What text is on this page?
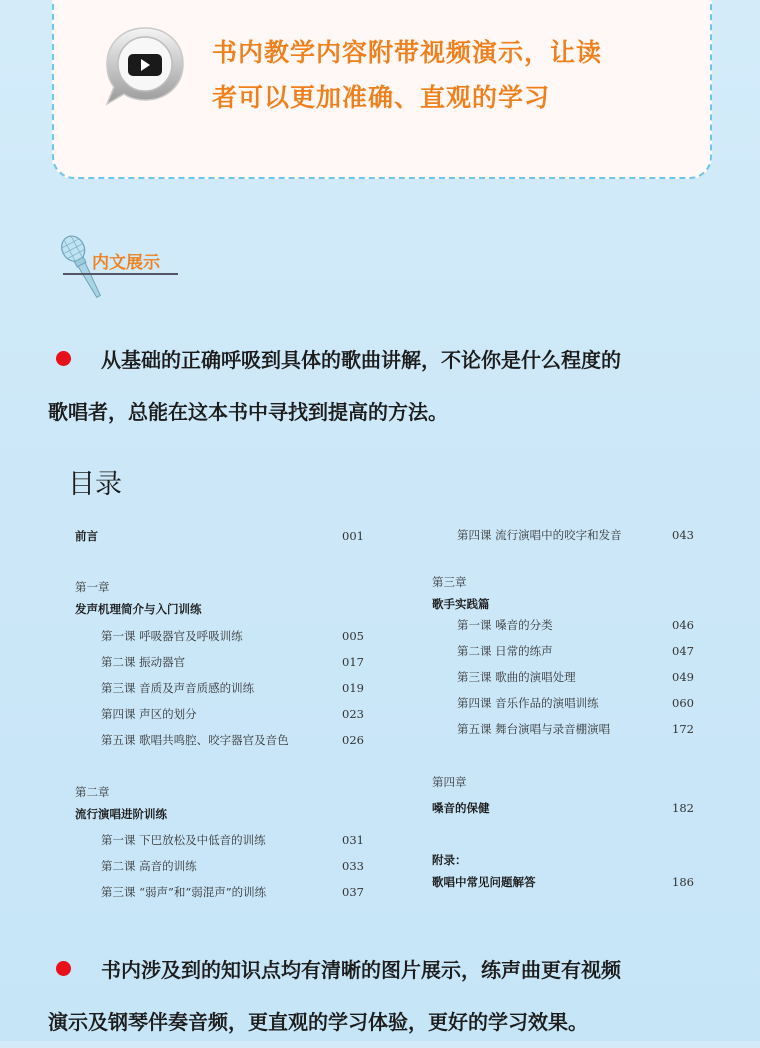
书内教学内容附带视频演示，让读
者可以更加准确、直观的学习
内文展示
从基础的正确呼吸到具体的歌曲讲解，不论你是什么程度的
歌唱者，总能在这本书中寻找到提高的方法。
目录
前言	001
第一章
发声机理简介与入门训练
第一课 呼吸器官及呼吸训练	005
第二课 振动器官	017
第三课 音质及声音质感的训练	019
第四课 声区的划分	023
第五课 歌唱共鸣腔、咬字器官及音色	026
第二章
流行演唱进阶训练
第一课 下巴放松及中低音的训练	031
第二课 高音的训练	033
第三课 “弱声”和“弱混声”的训练	037
第四课 流行演唱中的咬字和发音	043
第三章
歌手实践篇
第一课 嗓音的分类	046
第二课 日常的练声	047
第三课 歌曲的演唱处理	049
第四课 音乐作品的演唱训练	060
第五课 舞台演唱与录音棚演唱	172
第四章
嗓音的保健	182
附录：
歌唱中常见问题解答	186
书内涉及到的知识点均有清晰的图片展示，练声曲更有视频
演示及钢琴伴奏音频，更直观的学习体验，更好的学习效果。
